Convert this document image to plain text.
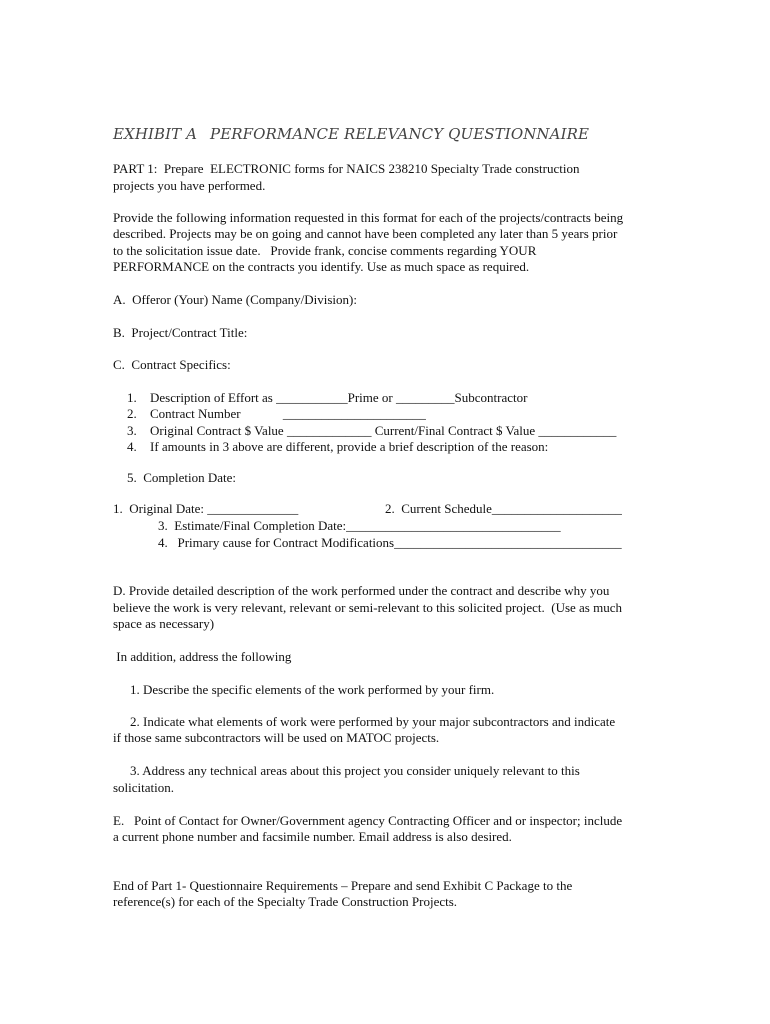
EXHIBIT A PERFORMANCE RELEVANCY QUESTIONNAIRE
PART 1:  Prepare  ELECTRONIC forms for NAICS 238210 Specialty Trade construction
projects you have performed.
Provide the following information requested in this format for each of the projects/contracts being
described. Projects may be on going and cannot have been completed any later than 5 years prior
to the solicitation issue date.   Provide frank, concise comments regarding YOUR
PERFORMANCE on the contracts you identify. Use as much space as required.
A.  Offeror (Your) Name (Company/Division):
B.  Project/Contract Title:
C.  Contract Specifics:
1. Description of Effort as ___________Prime or _________Subcontractor
2. Contract Number             ______________________
3. Original Contract $ Value _____________ Current/Final Contract $ Value ____________
4. If amounts in 3 above are different, provide a brief description of the reason:
5.  Completion Date:
1.  Original Date: ______________	2.  Current Schedule____________________
3.  Estimate/Final Completion Date:_________________________________
4.   Primary cause for Contract Modifications___________________________________
D. Provide detailed description of the work performed under the contract and describe why you
believe the work is very relevant, relevant or semi-relevant to this solicited project.  (Use as much
space as necessary)
In addition, address the following
1. Describe the specific elements of the work performed by your firm.
2. Indicate what elements of work were performed by your major subcontractors and indicate
if those same subcontractors will be used on MATOC projects.
3. Address any technical areas about this project you consider uniquely relevant to this
solicitation.
E.   Point of Contact for Owner/Government agency Contracting Officer and or inspector; include
a current phone number and facsimile number. Email address is also desired.
End of Part 1- Questionnaire Requirements – Prepare and send Exhibit C Package to the
reference(s) for each of the Specialty Trade Construction Projects.
